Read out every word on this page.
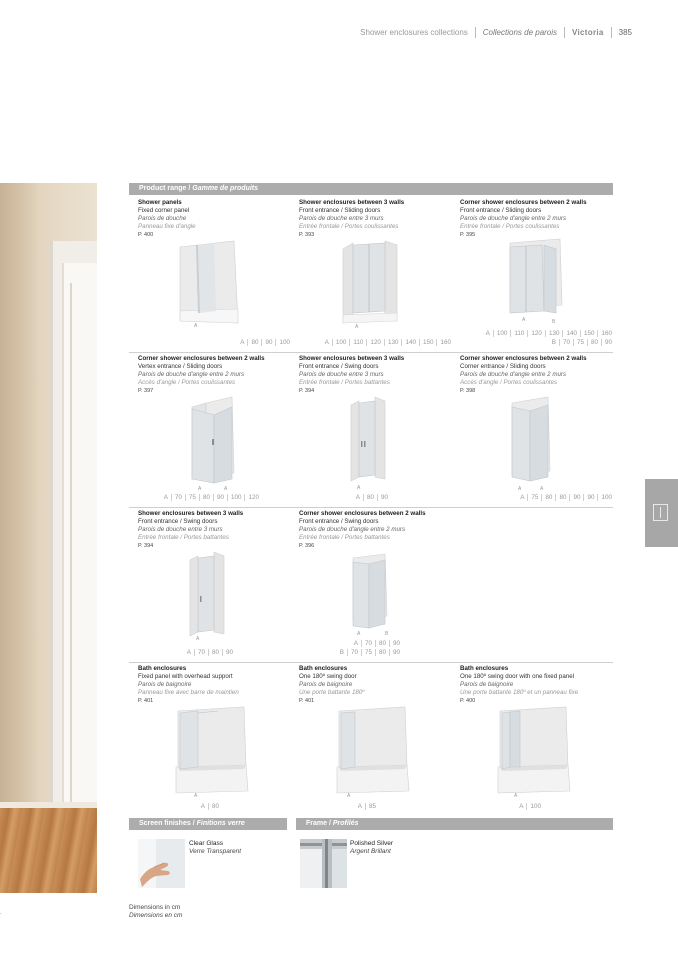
Shower enclosures collections	Collections de parois	Victoria	385
.
Product range / Gamme de produits
Shower panels
Fixed corner panel
Parois de douche
Panneau fixe d'angle
P. 400
A
A 80 90 100
Shower enclosures between 3 walls
Front entrance / Sliding doors
Parois de douche entre 3 murs
Entrée frontale / Portes coulissantes
P. 393
A
A 100 110 120 130 140 150 160
Corner shower enclosures between 2 walls
Front entrance / Sliding doors
Parois de douche d'angle entre 2 murs
Entrée frontale / Portes coulissantes
P. 395
A	B
A 100 110 120 130 140 150 160
B 70 75 80 90
Corner shower enclosures between 2 walls
Vertex entrance / Sliding doors
Parois de douche d'angle entre 2 murs
Accès d'angle / Portes coulissantes
P. 397
A	A
A 70 75 80 90 100 120
Shower enclosures between 3 walls
Front entrance / Swing doors
Parois de douche entre 3 murs
Entrée frontale / Portes battantes
P. 394
A
A 80 90
Corner shower enclosures between 2 walls
Corner entrance / Sliding doors
Parois de douche d'angle entre 2 murs
Accès d'angle / Portes coulissantes
P. 398
A	A
A 75 80 80 90 90 100
Shower enclosures between 3 walls
Front entrance / Swing doors
Parois de douche entre 3 murs
Entrée frontale / Portes battantes
P. 394
A
A 70 80 90
Corner shower enclosures between 2 walls
Front entrance / Swing doors
Parois de douche d'angle entre 2 murs
Entrée frontale / Portes battantes
P. 396
A	B
A 70 80 90
B 70 75 80 90
Bath enclosures
Fixed panel with overhead support
Parois de baignoire
Panneau fixe avec barre de maintien
P. 401
A
A 80
Bath enclosures
One 180º swing door
Parois de baignoire
Une porte battante 180º
P. 401
A
A 85
Bath enclosures
One 180º swing door with one fixed panel
Parois de baignoire
Une porte battante 180º et un panneau fixe
P. 400
A
A 100
Screen finishes / Finitions verre	Frame / Profilés
Clear Glass
Verre Transparent
Polished Silver
Argent Brillant
Dimensions in cm
Dimensions en cm
